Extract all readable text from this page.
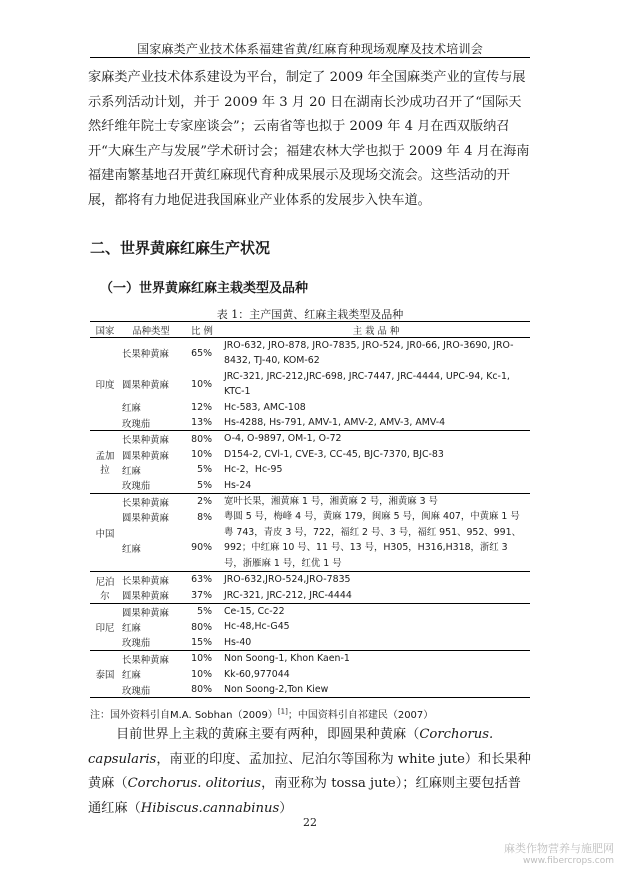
国家麻类产业技术体系福建省黄/红麻育种现场观摩及技术培训会

家麻类产业技术体系建设为平台，制定了 2009 年全国麻类产业的宣传与展示系列活动计划，并于 2009 年 3 月 20 日在湖南长沙成功召开了“国际天然纤维年院士专家座谈会”；云南省等也拟于 2009 年 4 月在西双版纳召开“大麻生产与发展”学术研讨会；福建农林大学也拟于 2009 年 4 月在海南福建南繁基地召开黄红麻现代育种成果展示及现场交流会。这些活动的开展，都将有力地促进我国麻业产业体系的发展步入快车道。

二、世界黄麻红麻生产状况
（一）世界黄麻红麻主栽类型及品种
表 1：主产国黄、红麻主栽类型及品种
国家	品种类型	比 例	主 栽 品 种
印度	长果种黄麻	65%	JRO-632, JRO-878, JRO-7835, JRO-524, JR0-66, JRO-3690, JRO-8432, TJ-40, KOM-62
	圆果种黄麻	10%	JRC-321, JRC-212,JRC-698, JRC-7447, JRC-4444, UPC-94, Kc-1, KTC-1
	红麻	12%	Hc-583, AMC-108
	玫瑰茄	13%	Hs-4288, Hs-791, AMV-1, AMV-2, AMV-3, AMV-4
孟加拉	长果种黄麻	80%	O-4, O-9897, OM-1, O-72
	圆果种黄麻	10%	D154-2, CVl-1, CVE-3, CC-45, BJC-7370, BJC-83
	红麻	5%	Hc-2，Hc-95
	玫瑰茄	5%	Hs-24
中国	长果种黄麻	2%	宽叶长果，湘黄麻 1 号，湘黄麻 2 号，湘黄麻 3 号
	圆果种黄麻	8%	粤圆 5 号，梅峰 4 号，黄麻 179，闽麻 5 号，闽麻 407，中黄麻 1 号
	红麻	90%	粤 743，青皮 3 号，722，福红 2 号、3 号，福红 951、952、991、992；中红麻 10 号、11 号、13 号，H305，H316,H318，浙红 3 号，浙雁麻 1 号，红优 1 号
尼泊尔	长果种黄麻	63%	JRO-632,JRO-524,JRO-7835
	圆果种黄麻	37%	JRC-321, JRC-212, JRC-4444
印尼	圆果种黄麻	5%	Ce-15, Cc-22
	红麻	80%	Hc-48,Hc-G45
	玫瑰茄	15%	Hs-40
泰国	长果种黄麻	10%	Non Soong-1, Khon Kaen-1
	红麻	10%	Kk-60,977044
	玫瑰茄	80%	Non Soong-2,Ton Kiew
注：国外资料引自M.A. Sobhan（2009）[1]；中国资料引自祁建民（2007）

目前世界上主栽的黄麻主要有两种，即圆果种黄麻（Corchorus. capsularis，南亚的印度、孟加拉、尼泊尔等国称为 white jute）和长果种黄麻（Corchorus. olitorius，南亚称为 tossa jute）；红麻则主要包括普通红麻（Hibiscus.cannabinus）

22
麻类作物营养与施肥网
www.fibercrops.com
